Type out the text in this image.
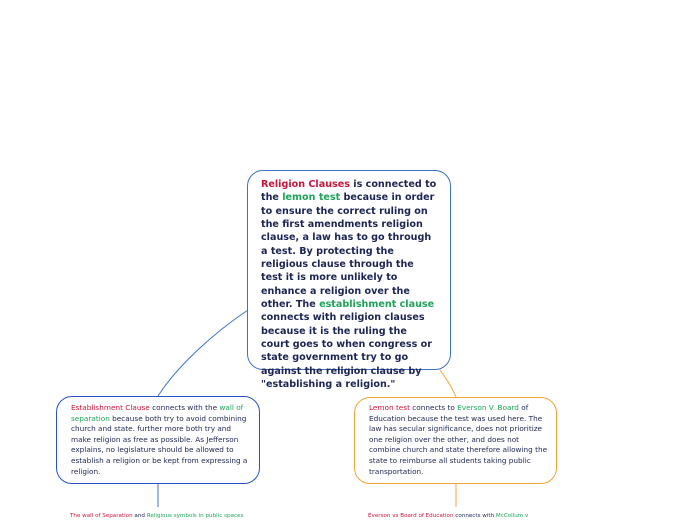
Religion Clauses is connected to the lemon test because in order to ensure the correct ruling on the first amendments religion clause, a law has to go through a test. By protecting the religious clause through the test it is more unlikely to enhance a religion over the other. The establishment clause connects with religion clauses because it is the ruling the court goes to when congress or state government try to go against the religion clause by "establishing a religion."

Establishment Clause connects with the wall of separation because both try to avoid combining church and state. further more both try and make religion as free as possible. As Jefferson explains, no legislature should be allowed to establish a religion or be kept from expressing a religion.

Lemon test connects to Everson V. Board of Education because the test was used here. The law has secular significance, does not prioritize one religion over the other, and does not combine church and state therefore allowing the state to reimburse all students taking public transportation.

The wall of Separation and Religious symbols in public spaces	Everson vs Board of Education connects with McCollum v
